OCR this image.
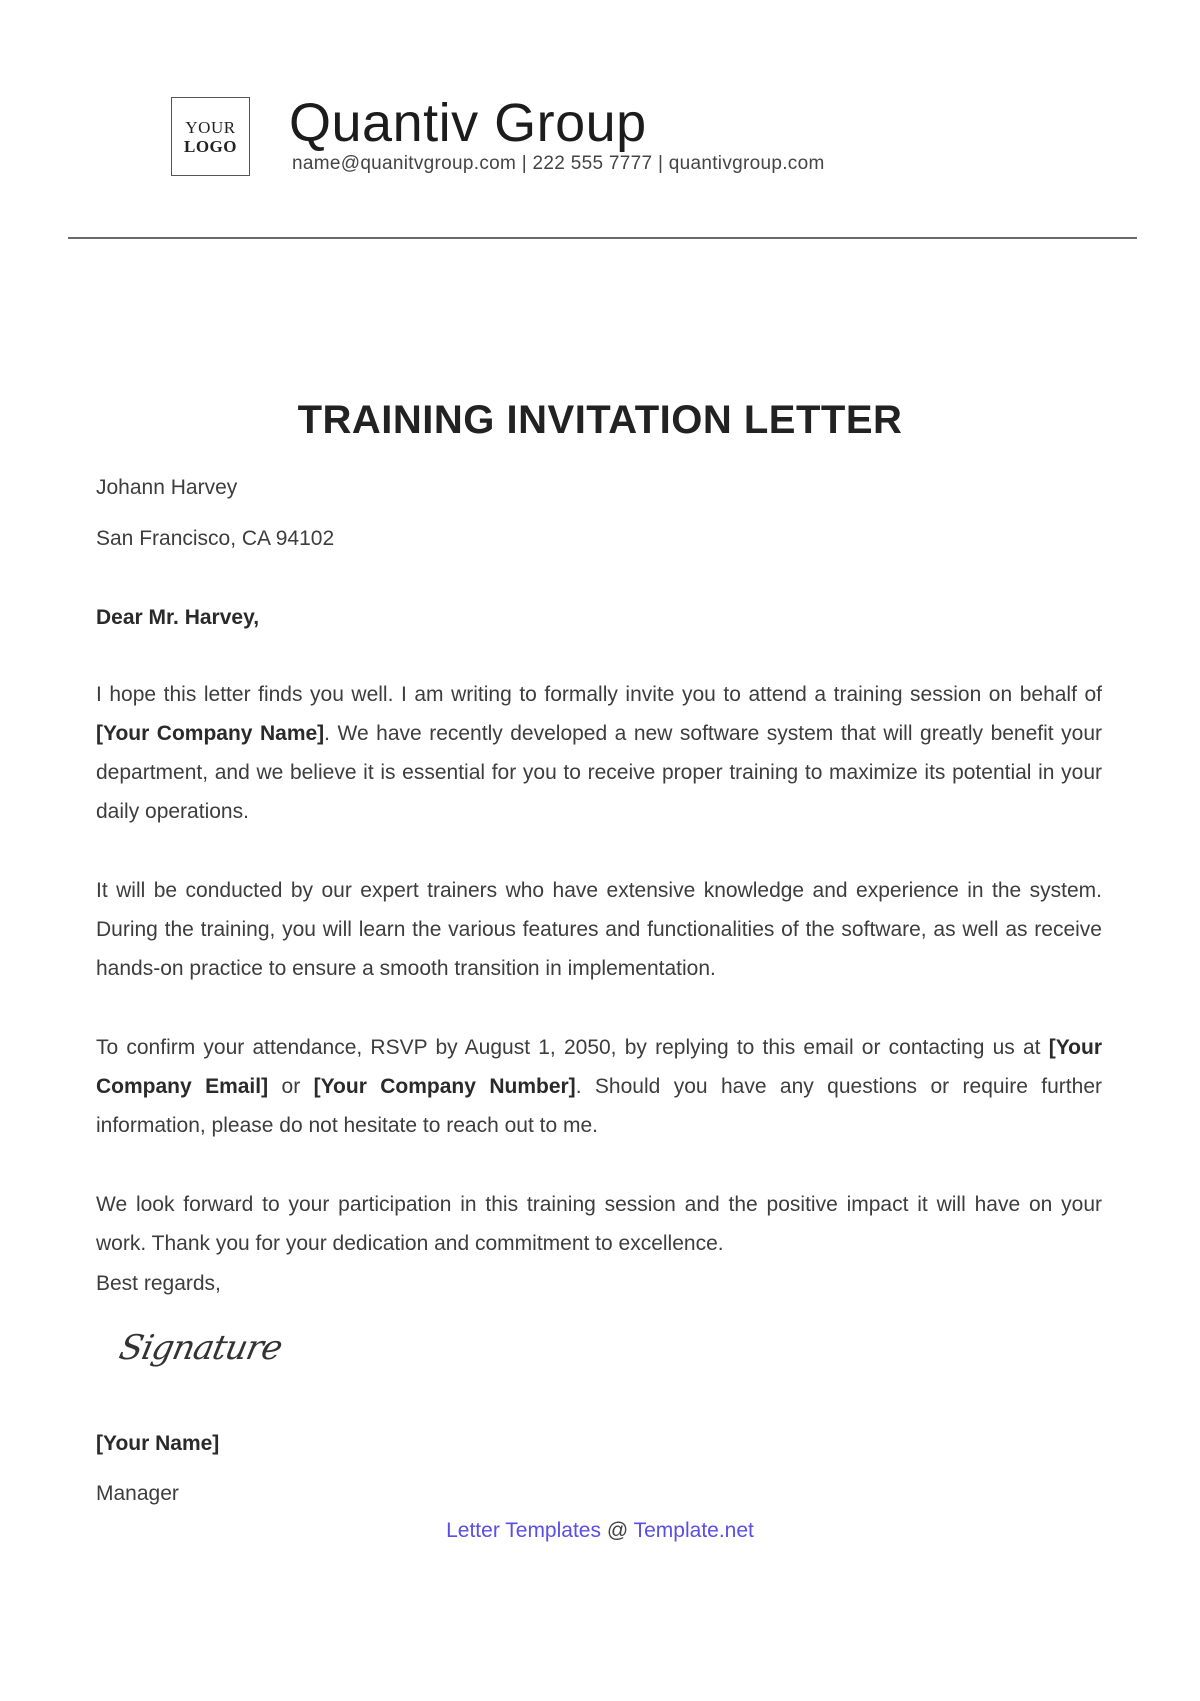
YOUR
LOGO Quantiv Group
name@quanitvgroup.com | 222 555 7777 | quantivgroup.com
TRAINING INVITATION LETTER
Johann Harvey
San Francisco, CA 94102
Dear Mr. Harvey,
I hope this letter finds you well. I am writing to formally invite you to attend a training session on behalf of [Your Company Name]. We have recently developed a new software system that will greatly benefit your department, and we believe it is essential for you to receive proper training to maximize its potential in your daily operations.
It will be conducted by our expert trainers who have extensive knowledge and experience in the system. During the training, you will learn the various features and functionalities of the software, as well as receive hands-on practice to ensure a smooth transition in implementation.
To confirm your attendance, RSVP by August 1, 2050, by replying to this email or contacting us at [Your Company Email] or [Your Company Number]. Should you have any questions or require further information, please do not hesitate to reach out to me.
We look forward to your participation in this training session and the positive impact it will have on your work. Thank you for your dedication and commitment to excellence.
Best regards,
Signature
[Your Name]
Manager
Letter Templates @ Template.net
